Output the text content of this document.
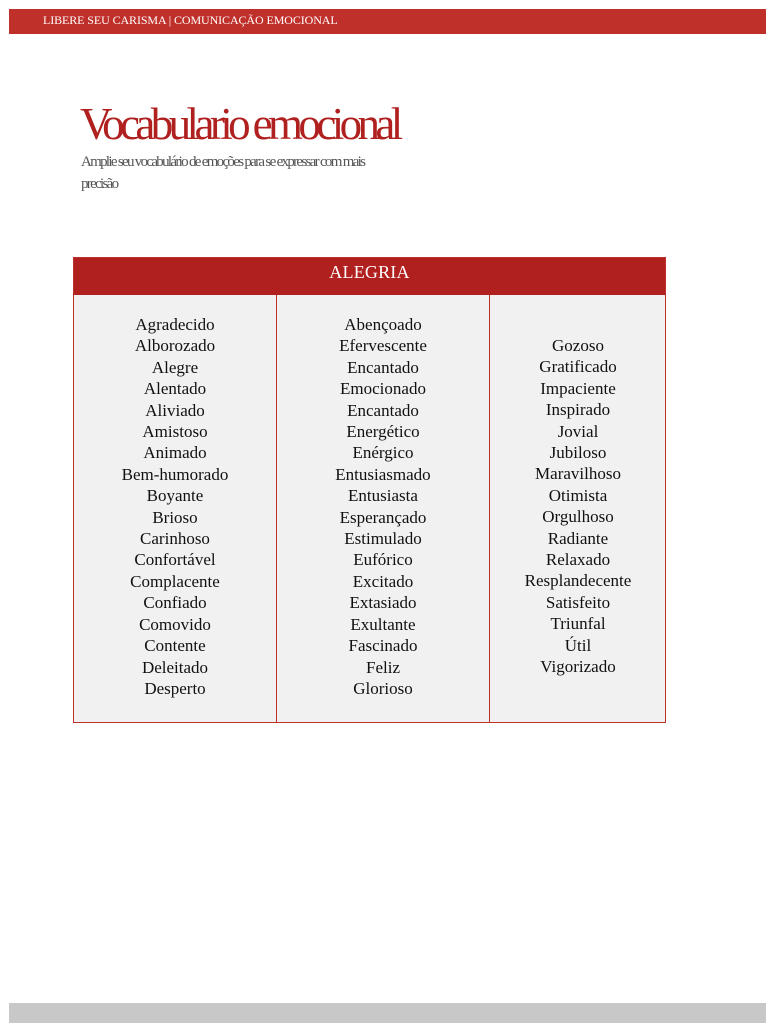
LIBERE SEU CARISMA | COMUNICAÇÃO EMOCIONAL
Vocabulario emocional

Amplie seu vocabulário de emoções para se expressar com mais precisão

ALEGRIA
Agradecido
Alborozado
Alegre
Alentado
Aliviado
Amistoso
Animado
Bem-humorado
Boyante
Brioso
Carinhoso
Confortável
Complacente
Confiado
Comovido
Contente
Deleitado
Desperto
Abençoado
Efervescente
Encantado
Emocionado
Encantado
Energético
Enérgico
Entusiasmado
Entusiasta
Esperançado
Estimulado
Eufórico
Excitado
Extasiado
Exultante
Fascinado
Feliz
Glorioso
Gozoso
Gratificado
Impaciente
Inspirado
Jovial
Jubiloso
Maravilhoso
Otimista
Orgulhoso
Radiante
Relaxado
Resplandecente
Satisfeito
Triunfal
Útil
Vigorizado
